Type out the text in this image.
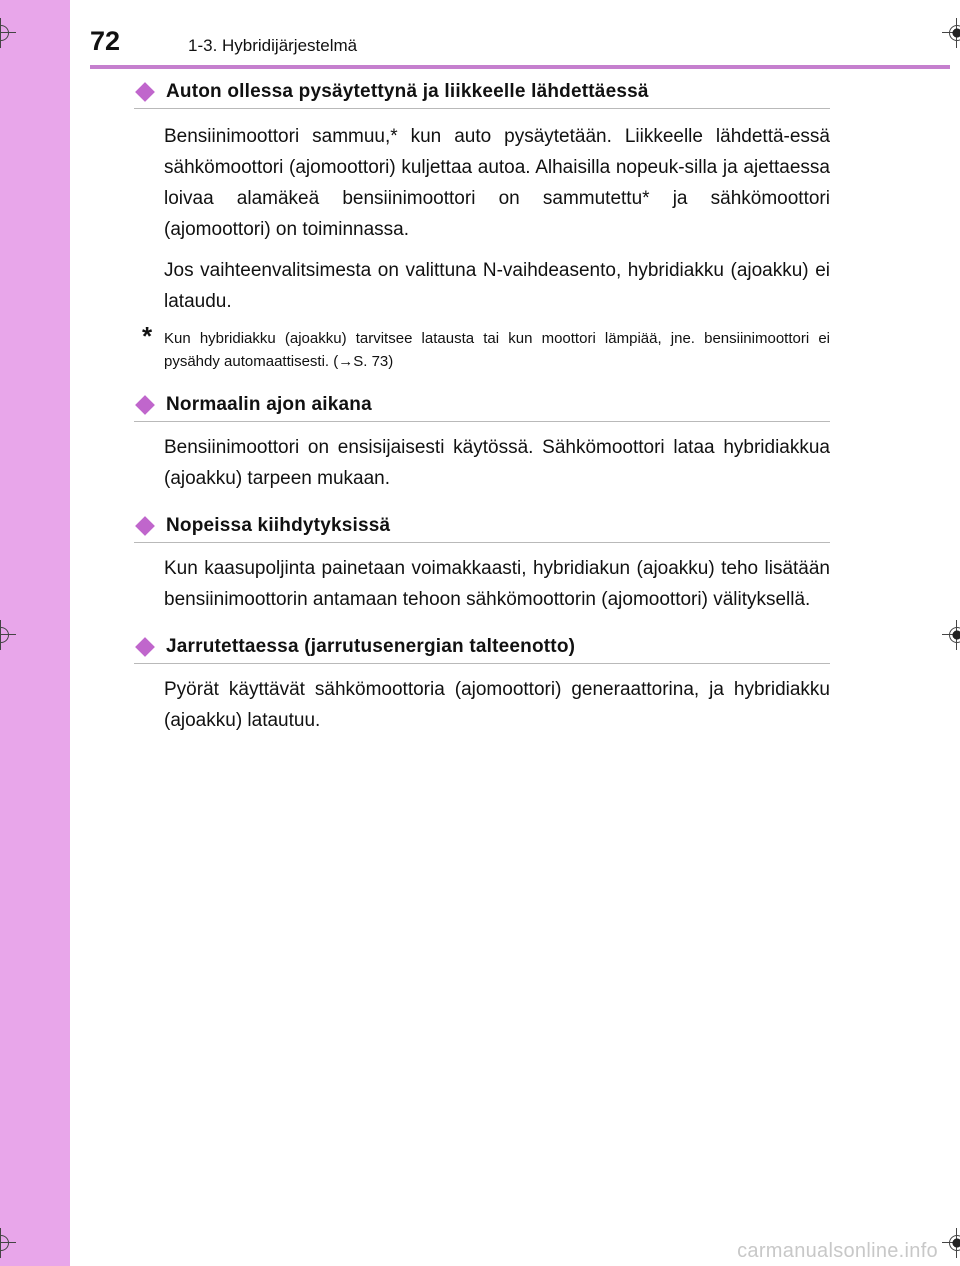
72	1-3. Hybridijärjestelmä
Auton ollessa pysäytettynä ja liikkeelle lähdettäessä

Bensiinimoottori sammuu,* kun auto pysäytetään. Liikkeelle lähdettä-essä sähkömoottori (ajomoottori) kuljettaa autoa. Alhaisilla nopeuk-silla ja ajettaessa loivaa alamäkeä bensiinimoottori on sammutettu* ja sähkömoottori (ajomoottori) on toiminnassa.

Jos vaihteenvalitsimesta on valittuna N-vaihdeasento, hybridiakku (ajoakku) ei lataudu.

* Kun hybridiakku (ajoakku) tarvitsee latausta tai kun moottori lämpiää, jne. bensiinimoottori ei pysähdy automaattisesti. (→S. 73)
Normaalin ajon aikana

Bensiinimoottori on ensisijaisesti käytössä. Sähkömoottori lataa hybridiakkua (ajoakku) tarpeen mukaan.

Nopeissa kiihdytyksissä

Kun kaasupoljinta painetaan voimakkaasti, hybridiakun (ajoakku) teho lisätään bensiinimoottorin antamaan tehoon sähkömoottorin (ajomoottori) välityksellä.

Jarrutettaessa (jarrutusenergian talteenotto)

Pyörät käyttävät sähkömoottoria (ajomoottori) generaattorina, ja hybridiakku (ajoakku) latautuu.

carmanualsonline.info
